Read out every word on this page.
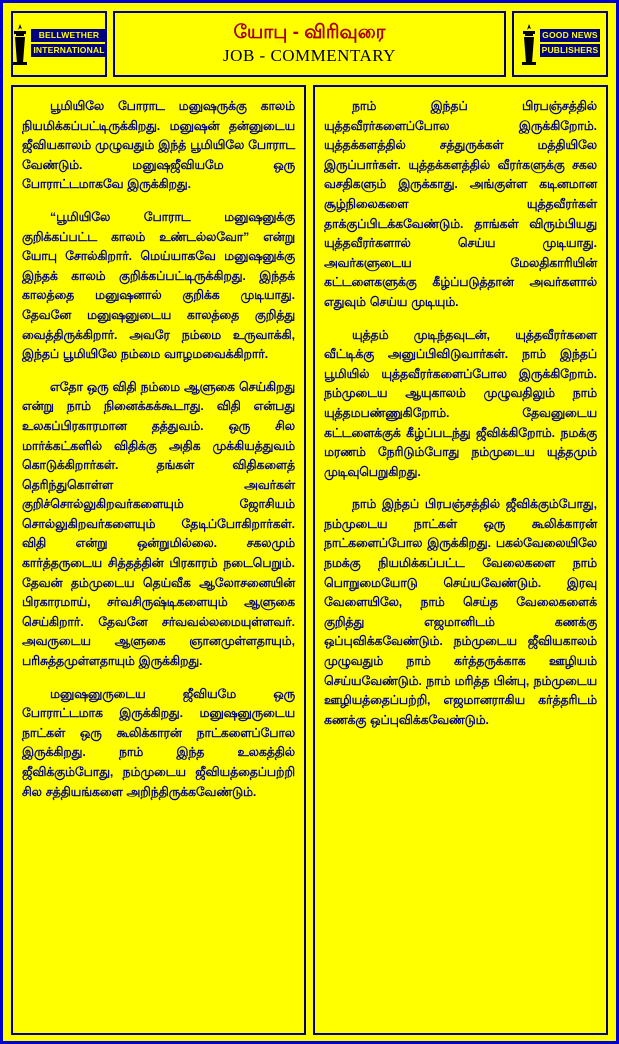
BELLWETHER
INTERNATIONAL
யோபு - விரிவுரை
JOB - COMMENTARY
GOOD NEWS
PUBLISHERS

பூமியிலே போராட மனுஷருக்கு காலம் நியமிக்கப்பட்டிருக்கிறது. மனுஷன் தன்னுடைய ஜீவியகாலம் முழுவதும் இந்த் பூமியிலே போராட வேண்டும். மனுஷஜீவியமே ஒரு போராட்டமாகவே இருக்கிறது.

“பூமியிலே போராட மனுஷனுக்கு குறிக்கப்பட்ட காலம் உண்டல்லவோ” என்று யோபு சோல்கிறார். மெய்யாகவே மனுஷனுக்கு இந்தக் காலம் குறிக்கப்பட்டிருக்கிறது. இந்தக் காலத்தை மனுஷனால் குறிக்க முடியாது. தேவனே மனுஷனுடைய காலத்தை குறித்து வைத்திருக்கிறார். அவரே நம்மை உருவாக்கி, இந்தப் பூமியிலே நம்மை வாழமவைக்கிறார்.

எதோ ஒரு விதி நம்மை ஆளுகை செய்கிறது என்று நாம் நினைக்கக்கூடாது. விதி என்பது உலகப்பிரகாரமான தத்துவம். ஒரு சில மார்க்கட்களில் விதிக்கு அதிக முக்கியத்துவம் கொடுக்கிறார்கள். தங்கள் விதிகளைத் தெரிந்துகொள்ள அவர்கள் குறிச்சொல்லுகிறவர்களையும் ஜோசியம் சொல்லுகிறவர்களையும் தேடிப்போகிறார்கள். விதி என்று ஒன்றுமில்லை. சகலமும் கார்த்தருடைய சித்தத்தின் பிரகாரம் நடைபெறும். தேவன் தம்முடைய தெய்வீக ஆலோசனையின் பிரகாரமாய், சர்வசிருஷ்டிகளையும் ஆளுகை செய்கிறார். தேவனே சர்வவல்லமையுள்ளவர். அவருடைய ஆளுகை ஞானமுள்ளதாயும், பரிசுத்தமுள்ளதாயும் இருக்கிறது.

மனுஷனுருடைய ஜீவியமே ஒரு போராட்டமாக இருக்கிறது. மனுஷனுருடைய நாட்கள் ஒரு கூலிக்காரன் நாட்களைப்போல இருக்கிறது. நாம் இந்த உலகத்தில் ஜீவிக்கும்போது, நம்முடைய ஜீவியத்தைப்பற்றி சில சத்தியங்களை அறிந்திருக்கவேண்டும்.

நாம் இந்தப் பிரபஞ்சத்தில் யுத்தவீரர்களைப்போல இருக்கிறோம். யுத்தக்களத்தில் சத்துருக்கள் மத்தியிலே இருப்பார்கள். யுத்தக்களத்தில் வீரர்களுக்கு சகல வசதிகளும் இருக்காது. அங்குள்ள கடினமான சூழ்நிலைகளை யுத்தவீரர்கள் தாக்குப்பிடக்கவேண்டும். தாங்கள் விரும்பியது யுத்தவீரர்களால் செய்ய முடியாது. அவர்களுடைய மேலதிகாரியின் கட்டளைகளுக்கு கீழ்ப்படுத்தான் அவர்களால் எதுவும் செய்ய முடியும்.

யுத்தம் முடிந்தவுடன், யுத்தவீரர்களை வீட்டிக்கு அனுப்பிவிடுவார்கள். நாம் இந்தப் பூமியில் யுத்தவீரர்களைப்போல இருக்கிறோம். நம்முடைய ஆயுகாலம் முழுவதிலும் நாம் யுத்தமபண்ணுகிறோம். தேவனுடைய கட்டளைக்குக் கீழ்ப்படந்து ஜீவிக்கிறோம். நமக்கு மரணம் நேரிடும்போது நம்முடைய யுத்தமும் முடிவுபெறுகிறது.

நாம் இந்தப் பிரபஞ்சத்தில் ஜீவிக்கும்போது, நம்முடைய நாட்கள் ஒரு கூலிக்காரன் நாட்களைப்போல இருக்கிறது. பகல்வேலையிலே நமக்கு நியமிக்கப்பட்ட வேலைகளை நாம் பொறுமையோடு செய்யவேண்டும். இரவு வேளையிலே, நாம் செய்த வேலைகளைக் குறித்து எஜமானிடம் கணக்கு ஒப்புவிக்கவேண்டும். நம்முடைய ஜீவியகாலம் முழுவதும் நாம் கர்த்தருக்காக ஊழியம் செய்யவேண்டும். நாம் மரித்த பின்பு, நம்முடைய ஊழியத்தைப்பற்றி, எஜமானராகிய கர்த்தரிடம் கணக்கு ஒப்புவிக்கவேண்டும்.
